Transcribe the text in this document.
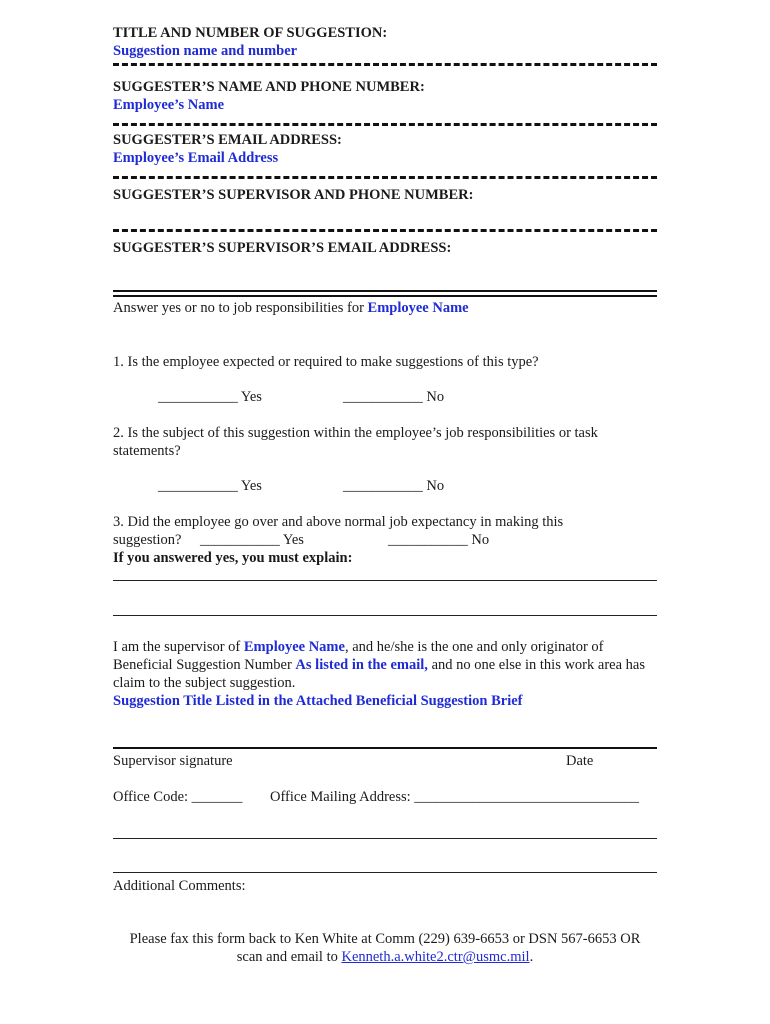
TITLE AND NUMBER OF SUGGESTION:
Suggestion name and number
SUGGESTER’S NAME AND PHONE NUMBER:
Employee’s Name
SUGGESTER’S EMAIL ADDRESS:
Employee’s Email Address
SUGGESTER’S SUPERVISOR AND PHONE NUMBER:
SUGGESTER’S SUPERVISOR’S EMAIL ADDRESS:
Answer yes or no to job responsibilities for Employee Name
1. Is the employee expected or required to make suggestions of this type?
___________ Yes	___________ No
2. Is the subject of this suggestion within the employee’s job responsibilities or task statements?
___________ Yes	___________ No
3. Did the employee go over and above normal job expectancy in making this
suggestion? ___________ Yes	___________ No
If you answered yes, you must explain:
I am the supervisor of Employee Name, and he/she is the one and only originator of Beneficial Suggestion Number As listed in the email, and no one else in this work area has claim to the subject suggestion.
Suggestion Title Listed in the Attached Beneficial Suggestion Brief
Supervisor signature	Date
Office Code: _______ Office Mailing Address: _______________________________
Additional Comments:
Please fax this form back to Ken White at Comm (229) 639-6653 or DSN 567-6653 OR
scan and email to Kenneth.a.white2.ctr@usmc.mil.
